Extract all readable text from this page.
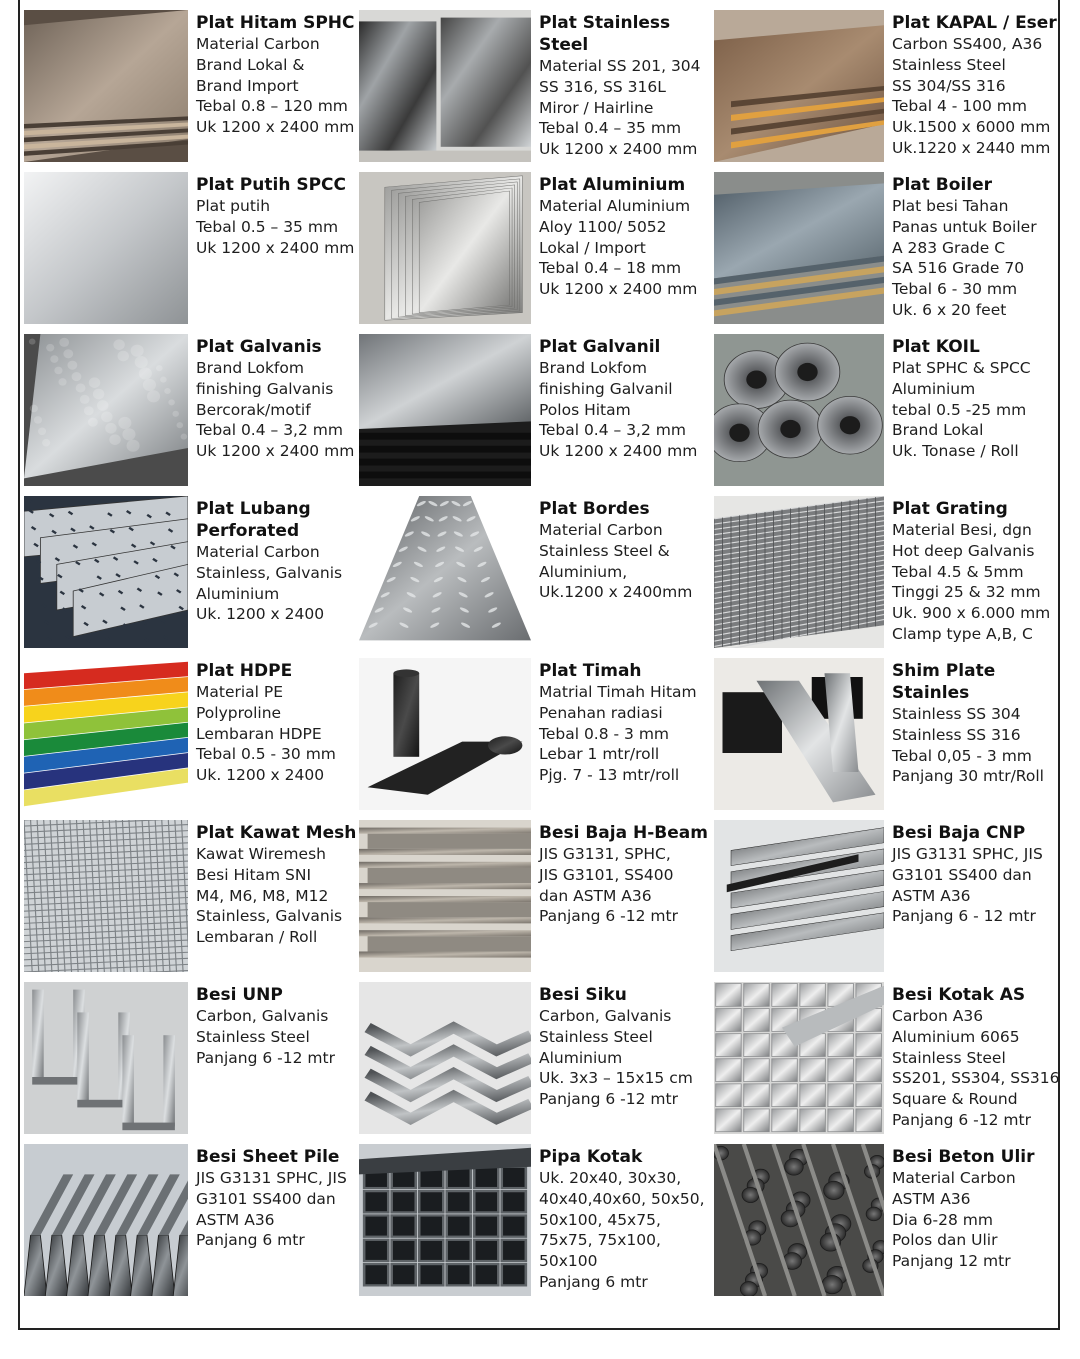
Plat Hitam SPHC
Material Carbon
Brand Lokal &
Brand Import
Tebal 0.8 – 120 mm
Uk 1200 x 2400 mm
Plat Stainless Steel
Material SS 201, 304
SS 316, SS 316L
Miror / Hairline
Tebal 0.4 – 35 mm
Uk 1200 x 2400 mm
Plat KAPAL / Eser
Carbon SS400, A36
Stainless Steel
SS 304/SS 316
Tebal 4 - 100 mm
Uk.1500 x 6000 mm
Uk.1220 x 2440 mm
Plat Putih SPCC
Plat putih
Tebal 0.5 – 35 mm
Uk 1200 x 2400 mm
Plat Aluminium
Material Aluminium
Aloy 1100/ 5052
Lokal / Import
Tebal 0.4 – 18 mm
Uk 1200 x 2400 mm
Plat Boiler
Plat besi Tahan
Panas untuk Boiler
A 283 Grade C
SA 516 Grade 70
Tebal 6 - 30 mm
Uk. 6 x 20 feet
Plat Galvanis
Brand Lokfom
finishing Galvanis
Bercorak/motif
Tebal 0.4 – 3,2 mm
Uk 1200 x 2400 mm
Plat Galvanil
Brand Lokfom
finishing Galvanil
Polos Hitam
Tebal 0.4 – 3,2 mm
Uk 1200 x 2400 mm
Plat KOIL
Plat SPHC & SPCC
Aluminium
tebal 0.5 -25 mm
Brand Lokal
Uk. Tonase / Roll
Plat Lubang
Perforated
Material Carbon
Stainless, Galvanis
Aluminium
Uk. 1200 x 2400
Plat Bordes
Material Carbon
Stainless Steel &
Aluminium,
Uk.1200 x 2400mm
Plat Grating
Material Besi, dgn
Hot deep Galvanis
Tebal 4.5 & 5mm
Tinggi 25 & 32 mm
Uk. 900 x 6.000 mm
Clamp type A,B, C
Plat HDPE
Material PE
Polyproline
Lembaran HDPE
Tebal 0.5 - 30 mm
Uk. 1200 x 2400
Plat Timah
Matrial Timah Hitam
Penahan radiasi
Tebal 0.8 - 3 mm
Lebar 1 mtr/roll
Pjg. 7 - 13 mtr/roll
Shim Plate Stainles
Stainless SS 304
Stainless SS 316
Tebal 0,05 - 3 mm
Panjang 30 mtr/Roll
Plat Kawat Mesh
Kawat Wiremesh
Besi Hitam SNI
M4, M6, M8, M12
Stainless, Galvanis
Lembaran / Roll
Besi Baja H-Beam
JIS G3131, SPHC,
JIS G3101, SS400
dan ASTM A36
Panjang 6 -12 mtr
Besi Baja CNP
JIS G3131 SPHC, JIS
G3101 SS400 dan
ASTM A36
Panjang 6 - 12 mtr
Besi UNP
Carbon, Galvanis
Stainless Steel
Panjang 6 -12 mtr
Besi Siku
Carbon, Galvanis
Stainless Steel
Aluminium
Uk. 3x3 – 15x15 cm
Panjang 6 -12 mtr
Besi Kotak AS
Carbon A36
Aluminium 6065
Stainless Steel
SS201, SS304, SS316
Square & Round
Panjang 6 -12 mtr
Besi Sheet Pile
JIS G3131 SPHC, JIS
G3101 SS400 dan
ASTM A36
Panjang 6 mtr
Pipa Kotak
Uk. 20x40, 30x30,
40x40,40x60, 50x50,
50x100, 45x75,
75x75, 75x100,
50x100
Panjang 6 mtr
Besi Beton Ulir
Material Carbon
ASTM A36
Dia 6-28 mm
Polos dan Ulir
Panjang 12 mtr
